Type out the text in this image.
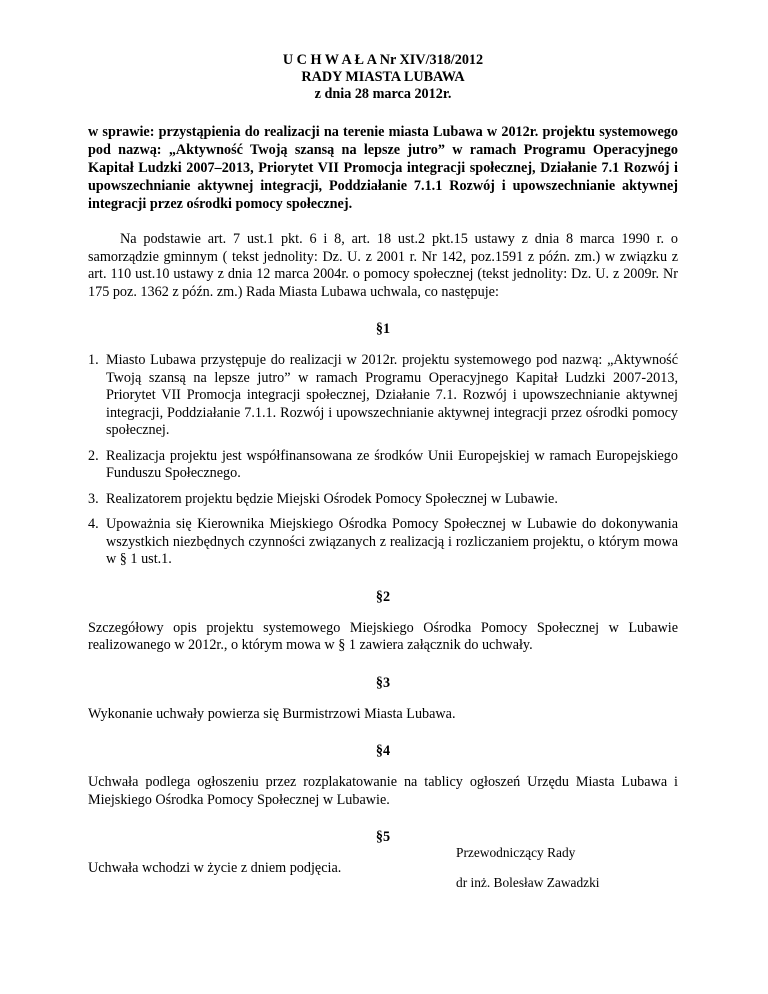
U C H W A Ł A Nr XIV/318/2012
RADY MIASTA LUBAWA
z dnia 28 marca 2012r.
w sprawie: przystąpienia do realizacji na terenie miasta Lubawa w 2012r. projektu systemowego pod nazwą: „Aktywność Twoją szansą na lepsze jutro” w ramach Programu Operacyjnego Kapitał Ludzki 2007–2013, Priorytet VII Promocja integracji społecznej, Działanie 7.1 Rozwój i upowszechnianie aktywnej integracji, Poddziałanie 7.1.1 Rozwój i upowszechnianie aktywnej integracji przez ośrodki pomocy społecznej.
Na podstawie art. 7 ust.1 pkt. 6 i 8, art. 18 ust.2 pkt.15 ustawy z dnia 8 marca 1990 r. o samorządzie gminnym ( tekst jednolity: Dz. U. z 2001 r. Nr 142, poz.1591 z późn. zm.) w związku z art. 110 ust.10 ustawy z dnia 12 marca 2004r. o pomocy społecznej (tekst jednolity: Dz. U. z 2009r. Nr 175 poz. 1362 z późn. zm.) Rada Miasta Lubawa uchwala, co następuje:
§1
1. Miasto Lubawa przystępuje do realizacji w 2012r. projektu systemowego pod nazwą: „Aktywność Twoją szansą na lepsze jutro” w ramach Programu Operacyjnego Kapitał Ludzki 2007-2013, Priorytet VII Promocja integracji społecznej, Działanie 7.1. Rozwój i upowszechnianie aktywnej integracji, Poddziałanie 7.1.1. Rozwój i upowszechnianie aktywnej integracji przez ośrodki pomocy społecznej.
2. Realizacja projektu jest współfinansowana ze środków Unii Europejskiej w ramach Europejskiego Funduszu Społecznego.
3. Realizatorem projektu będzie Miejski Ośrodek Pomocy Społecznej w Lubawie.
4. Upoważnia się Kierownika Miejskiego Ośrodka Pomocy Społecznej w Lubawie do dokonywania wszystkich niezbędnych czynności związanych z realizacją i rozliczaniem projektu, o którym mowa w § 1 ust.1.
§2
Szczegółowy opis projektu systemowego Miejskiego Ośrodka Pomocy Społecznej w Lubawie realizowanego w 2012r., o którym mowa w § 1 zawiera załącznik do uchwały.
§3
Wykonanie uchwały powierza się Burmistrzowi Miasta Lubawa.
§4
Uchwała podlega ogłoszeniu przez rozplakatowanie na tablicy ogłoszeń Urzędu Miasta Lubawa i Miejskiego Ośrodka Pomocy Społecznej w Lubawie.
§5
Uchwała wchodzi w życie z dniem podjęcia.
Przewodniczący Rady
dr inż. Bolesław Zawadzki
